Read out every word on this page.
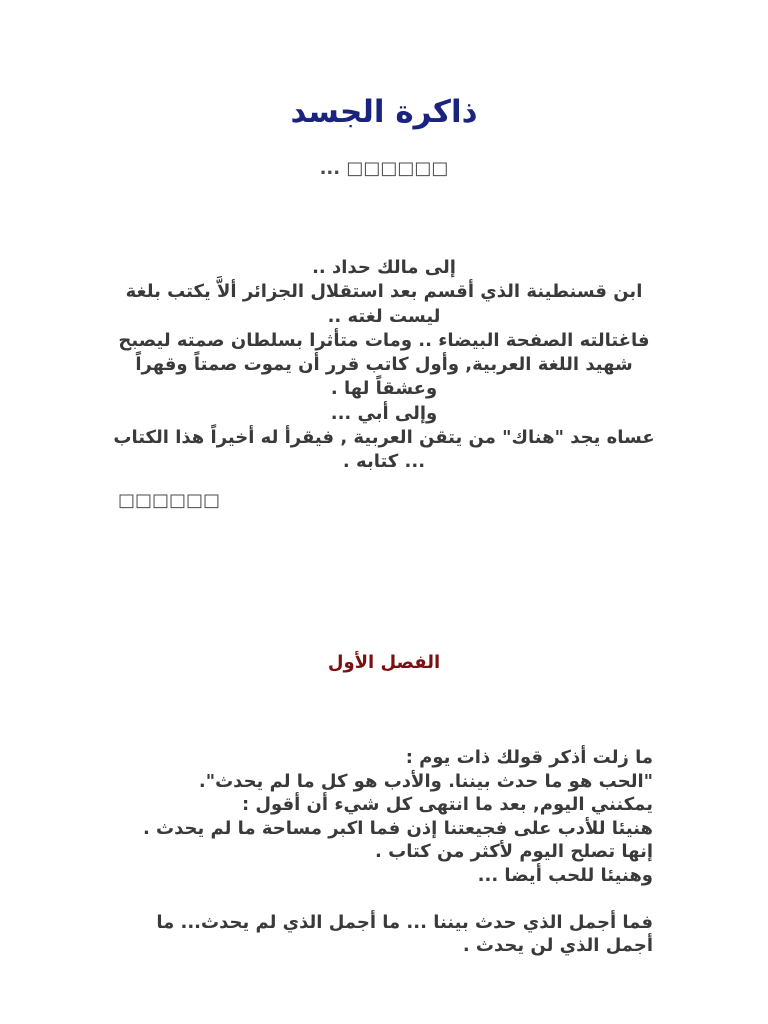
ذاكرة الجسد
... □□□□□□

إلى مالك حداد ..

ابن قسنطينة الذي أقسم بعد استقلال الجزائر ألاَّ يكتب بلغة ليست لغته ..

فاغتالته الصفحة البيضاء .. ومات متأثرا بسلطان صمته ليصبح شهيد اللغة العربية, وأول كاتب قرر أن يموت صمتاً وقهراً وعشقاً لها .

وإلى أبي ...

عساه يجد "هناك" من يتقن العربية , فيقرأ له أخيراً هذا الكتاب ... كتابه .

□□□□□□
الفصل الأول

ما زلت أذكر قولك ذات يوم :

"الحب هو ما حدث بيننا. والأدب هو كل ما لم يحدث".

يمكنني اليوم, بعد ما انتهى كل شيء أن أقول :

هنيئا للأدب على فجيعتنا إذن فما اكبر مساحة ما لم يحدث . إنها تصلح اليوم لأكثر من كتاب .

وهنيئا للحب أيضا ...

فما أجمل الذي حدث بيننا ... ما أجمل الذي لم يحدث... ما أجمل الذي لن يحدث .
